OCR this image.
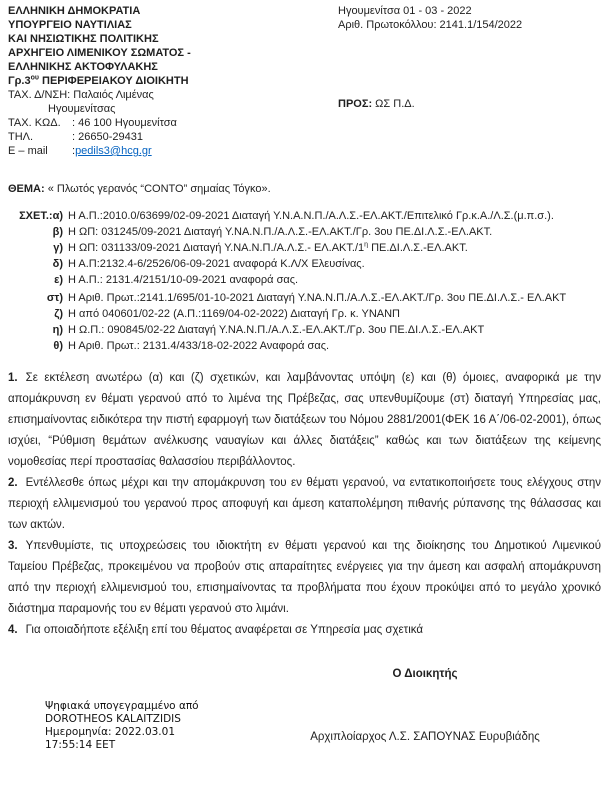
ΕΛΛΗΝΙΚΗ ΔΗΜΟΚΡΑΤΙΑ
ΥΠΟΥΡΓΕΙΟ ΝΑΥΤΙΛΙΑΣ
ΚΑΙ ΝΗΣΙΩΤΙΚΗΣ ΠΟΛΙΤΙΚΗΣ
ΑΡΧΗΓΕΙΟ ΛΙΜΕΝΙΚΟΥ ΣΩΜΑΤΟΣ -
ΕΛΛΗΝΙΚΗΣ ΑΚΤΟΦΥΛΑΚΗΣ
$\Gamma\rho.3^{o\upsilon}$ ΠΕΡΙΦΕΡΕΙΑΚΟΥ ΔΙΟΙΚΗΤΗ
ΤΑΧ. Δ/ΝΣΗ: Παλαιός Λιμένας
Ηγουμενίτσας
ΤΑΧ. ΚΩΔ.	: 46 100 Ηγουμενίτσα
ΤΗΛ.	: 26650-29431
E – mail	: pedils3@hcg.gr
Ηγουμενίτσα 01 - 03 - 2022
Αριθ. Πρωτοκόλλου: 2141.1/154/2022
ΠΡΟΣ: ΩΣ Π.Δ.
ΘΕΜΑ: « Πλωτός γερανός “CONTO” σημαίας Τόγκο».
ΣΧΕΤ.:α) Η Α.Π.:2010.0/63699/02-09-2021 Διαταγή Υ.Ν.Α.Ν.Π./Α.Λ.Σ.-ΕΛ.ΑΚΤ./Επιτελικό Γρ.κ.Α./Λ.Σ.(μ.π.σ.).
β) Η ΩΠ: 031245/09-2021 Διαταγή Υ.ΝΑ.Ν.Π./Α.Λ.Σ.-ΕΛ.ΑΚΤ./Γρ. 3ου ΠΕ.ΔΙ.Λ.Σ.-ΕΛ.ΑΚΤ.
γ) Η ΩΠ: 031133/09-2021 Διαταγή Υ.ΝΑ.Ν.Π./Α.Λ.Σ.- $E\Lambda.AKT./1^\eta$ ΠΕ.ΔΙ.Λ.Σ.-ΕΛ.ΑΚΤ.
δ) Η Α.Π:2132.4-6/2526/06-09-2021 αναφορά Κ.Λ/Χ Ελευσίνας.
ε) Η Α.Π.: 2131.4/2151/10-09-2021 αναφορά σας.
στ) Η Αριθ. Πρωτ.:2141.1/695/01-10-2021 Διαταγή Υ.ΝΑ.Ν.Π./Α.Λ.Σ.-ΕΛ.ΑΚΤ./Γρ. 3ου ΠΕ.ΔΙ.Λ.Σ.- ΕΛ.ΑΚΤ
ζ) Η από 040601/02-22 (Α.Π.:1169/04-02-2022) Διαταγή Γρ. κ. ΥΝΑΝΠ
η) Η Ω.Π.: 090845/02-22 Διαταγή Υ.ΝΑ.Ν.Π./Α.Λ.Σ.-ΕΛ.ΑΚΤ./Γρ. 3ου ΠΕ.ΔΙ.Λ.Σ.-ΕΛ.ΑΚΤ
θ) Η Αριθ. Πρωτ.: 2131.4/433/18-02-2022 Αναφορά σας.

1. Σε εκτέλεση ανωτέρω (α) και (ζ) σχετικών, και λαμβάνοντας υπόψη (ε) και (θ) όμοιες, αναφορικά με την απομάκρυνση εν θέματι γερανού από το λιμένα της Πρέβεζας, σας υπενθυμίζουμε (στ) διαταγή Υπηρεσίας μας, επισημαίνοντας ειδικότερα την πιστή εφαρμογή των διατάξεων του Νόμου 2881/2001(ΦΕΚ 16 Α΄/06-02-2001), όπως ισχύει, “Ρύθμιση θεμάτων ανέλκυσης ναυαγίων και άλλες διατάξεις” καθώς και των διατάξεων της κείμενης νομοθεσίας περί προστασίας θαλασσίου περιβάλλοντος.

2. Εντέλλεσθε όπως μέχρι και την απομάκρυνση του εν θέματι γερανού, να εντατικοποιήσετε τους ελέγχους στην περιοχή ελλιμενισμού του γερανού προς αποφυγή και άμεση καταπολέμηση πιθανής ρύπανσης της θάλασσας και των ακτών.

3. Υπενθυμίστε, τις υποχρεώσεις του ιδιοκτήτη εν θέματι γερανού και της διοίκησης του Δημοτικού Λιμενικού Ταμείου Πρέβεζας, προκειμένου να προβούν στις απαραίτητες ενέργειες για την άμεση και ασφαλή απομάκρυνση από την περιοχή ελλιμενισμού του, επισημαίνοντας τα προβλήματα που έχουν προκύψει από το μεγάλο χρονικό διάστημα παραμονής του εν θέματι γερανού στο λιμάνι.

4. Για οποιαδήποτε εξέλιξη επί του θέματος αναφέρεται σε Υπηρεσία μας σχετικά

Ο Διοικητής
Ψηφιακά υπογεγραμμένο από
DOROTHEOS KALAITZIDIS
Ημερομηνία: 2022.03.01
17:55:14 EET
Αρχιπλοίαρχος Λ.Σ. ΣΑΠΟΥΝΑΣ Ευρυβιάδης
